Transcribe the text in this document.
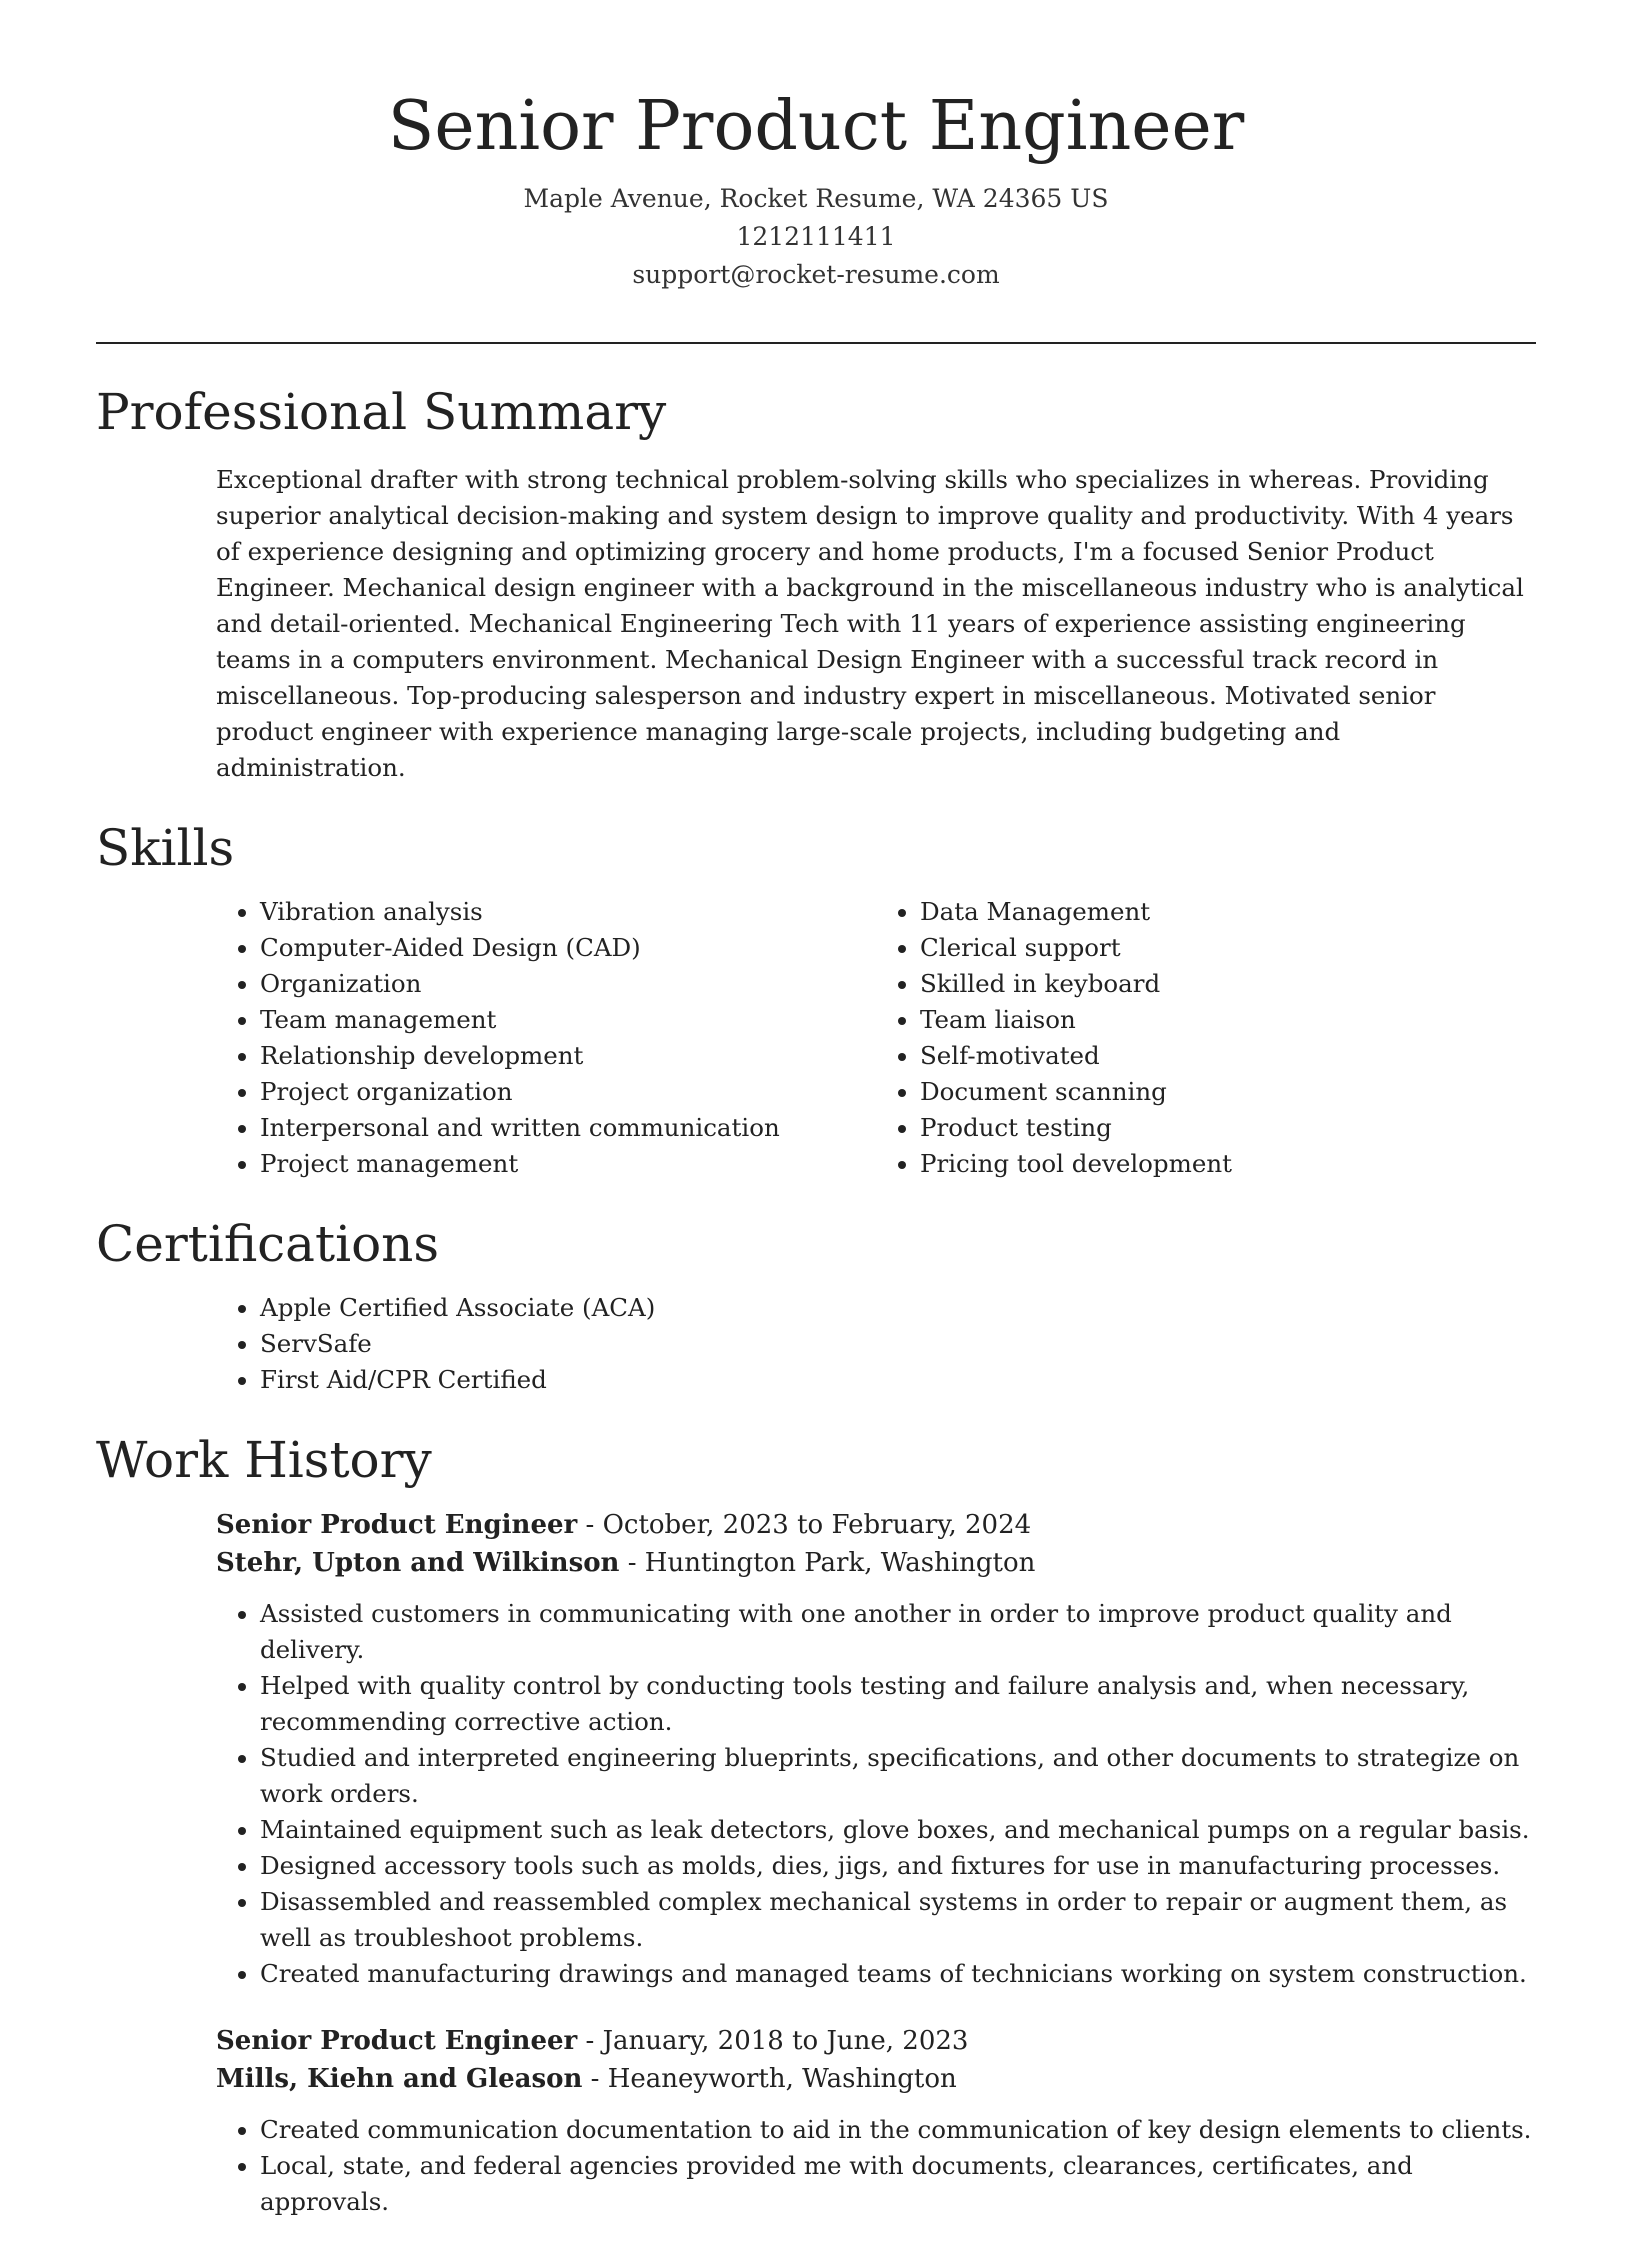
Senior Product Engineer
Maple Avenue, Rocket Resume, WA 24365 US
1212111411
support@rocket-resume.com
Professional Summary

Exceptional drafter with strong technical problem-solving skills who specializes in whereas. Providing superior analytical decision-making and system design to improve quality and productivity. With 4 years of experience designing and optimizing grocery and home products, I'm a focused Senior Product Engineer. Mechanical design engineer with a background in the miscellaneous industry who is analytical and detail-oriented. Mechanical Engineering Tech with 11 years of experience assisting engineering teams in a computers environment. Mechanical Design Engineer with a successful track record in miscellaneous. Top-producing salesperson and industry expert in miscellaneous. Motivated senior product engineer with experience managing large-scale projects, including budgeting and administration.

Skills
• Vibration analysis
• Computer-Aided Design (CAD)
• Organization
• Team management
• Relationship development
• Project organization
• Interpersonal and written communication
• Project management
• Data Management
• Clerical support
• Skilled in keyboard
• Team liaison
• Self-motivated
• Document scanning
• Product testing
• Pricing tool development
Certifications
• Apple Certified Associate (ACA)
• ServSafe
• First Aid/CPR Certified
Work History
Senior Product Engineer - October, 2023 to February, 2024
Stehr, Upton and Wilkinson - Huntington Park, Washington
• Assisted customers in communicating with one another in order to improve product quality and delivery.
• Helped with quality control by conducting tools testing and failure analysis and, when necessary, recommending corrective action.
• Studied and interpreted engineering blueprints, specifications, and other documents to strategize on work orders.
• Maintained equipment such as leak detectors, glove boxes, and mechanical pumps on a regular basis.
• Designed accessory tools such as molds, dies, jigs, and fixtures for use in manufacturing processes.
• Disassembled and reassembled complex mechanical systems in order to repair or augment them, as well as troubleshoot problems.
• Created manufacturing drawings and managed teams of technicians working on system construction.
Senior Product Engineer - January, 2018 to June, 2023
Mills, Kiehn and Gleason - Heaneyworth, Washington
• Created communication documentation to aid in the communication of key design elements to clients.
• Local, state, and federal agencies provided me with documents, clearances, certificates, and approvals.
